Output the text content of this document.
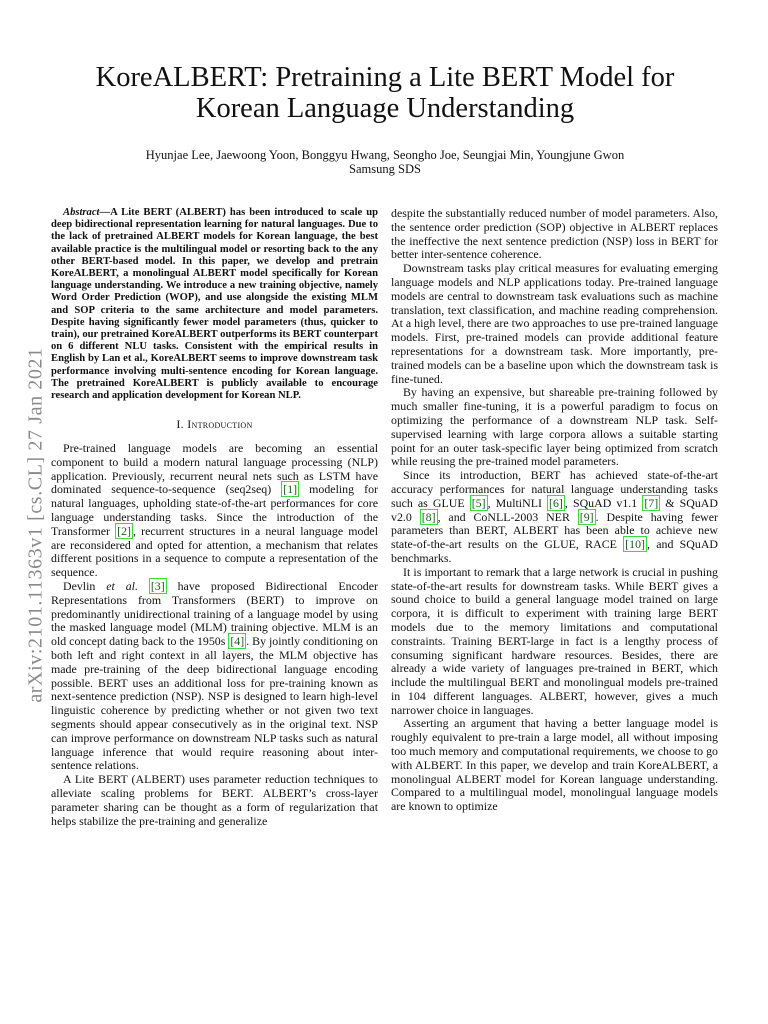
arXiv:2101.11363v1 [cs.CL] 27 Jan 2021
KoreALBERT: Pretraining a Lite BERT Model for
Korean Language Understanding
Hyunjae Lee, Jaewoong Yoon, Bonggyu Hwang, Seongho Joe, Seungjai Min, Youngjune Gwon
Samsung SDS

Abstract—A Lite BERT (ALBERT) has been introduced to scale up deep bidirectional representation learning for natural languages. Due to the lack of pretrained ALBERT models for Korean language, the best available practice is the multilingual model or resorting back to the any other BERT-based model. In this paper, we develop and pretrain KoreALBERT, a monolingual ALBERT model specifically for Korean language understanding. We introduce a new training objective, namely Word Order Prediction (WOP), and use alongside the existing MLM and SOP criteria to the same architecture and model parameters. Despite having significantly fewer model parameters (thus, quicker to train), our pretrained KoreALBERT outperforms its BERT counterpart on 6 different NLU tasks. Consistent with the empirical results in English by Lan et al., KoreALBERT seems to improve downstream task performance involving multi-sentence encoding for Korean language. The pretrained KoreALBERT is publicly available to encourage research and application development for Korean NLP.

I. Introduction

Pre-trained language models are becoming an essential component to build a modern natural language processing (NLP) application. Previously, recurrent neural nets such as LSTM have dominated sequence-to-sequence (seq2seq) [1] modeling for natural languages, upholding state-of-the-art performances for core language understanding tasks. Since the introduction of the Transformer [2] , recurrent structures in a neural language model are reconsidered and opted for attention, a mechanism that relates different positions in a sequence to compute a representation of the sequence.

Devlin et al. [3] have proposed Bidirectional Encoder Representations from Transformers (BERT) to improve on predominantly unidirectional training of a language model by using the masked language model (MLM) training objective. MLM is an old concept dating back to the 1950s [4] . By jointly conditioning on both left and right context in all layers, the MLM objective has made pre-training of the deep bidirectional language encoding possible. BERT uses an additional loss for pre-training known as next-sentence prediction (NSP). NSP is designed to learn high-level linguistic coherence by predicting whether or not given two text segments should appear consecutively as in the original text. NSP can improve performance on downstream NLP tasks such as natural language inference that would require reasoning about inter-sentence relations.

A Lite BERT (ALBERT) uses parameter reduction techniques to alleviate scaling problems for BERT. ALBERT’s cross-layer parameter sharing can be thought as a form of regularization that helps stabilize the pre-training and generalize

despite the substantially reduced number of model parameters. Also, the sentence order prediction (SOP) objective in ALBERT replaces the ineffective the next sentence prediction (NSP) loss in BERT for better inter-sentence coherence.

Downstream tasks play critical measures for evaluating emerging language models and NLP applications today. Pre-trained language models are central to downstream task evaluations such as machine translation, text classification, and machine reading comprehension. At a high level, there are two approaches to use pre-trained language models. First, pre-trained models can provide additional feature representations for a downstream task. More importantly, pre-trained models can be a baseline upon which the downstream task is fine-tuned.

By having an expensive, but shareable pre-training followed by much smaller fine-tuning, it is a powerful paradigm to focus on optimizing the performance of a downstream NLP task. Self-supervised learning with large corpora allows a suitable starting point for an outer task-specific layer being optimized from scratch while reusing the pre-trained model parameters.

Since its introduction, BERT has achieved state-of-the-art accuracy performances for natural language understanding tasks such as GLUE [5] , MultiNLI [6] , SQuAD v1.1 [7] & SQuAD v2.0 [8] , and CoNLL-2003 NER [9] . Despite having fewer parameters than BERT, ALBERT has been able to achieve new state-of-the-art results on the GLUE, RACE [10] , and SQuAD benchmarks.

It is important to remark that a large network is crucial in pushing state-of-the-art results for downstream tasks. While BERT gives a sound choice to build a general language model trained on large corpora, it is difficult to experiment with training large BERT models due to the memory limitations and computational constraints. Training BERT-large in fact is a lengthy process of consuming significant hardware resources. Besides, there are already a wide variety of languages pre-trained in BERT, which include the multilingual BERT and monolingual models pre-trained in 104 different languages. ALBERT, however, gives a much narrower choice in languages.

Asserting an argument that having a better language model is roughly equivalent to pre-train a large model, all without imposing too much memory and computational requirements, we choose to go with ALBERT. In this paper, we develop and train KoreALBERT, a monolingual ALBERT model for Korean language understanding. Compared to a multilingual model, monolingual language models are known to optimize
